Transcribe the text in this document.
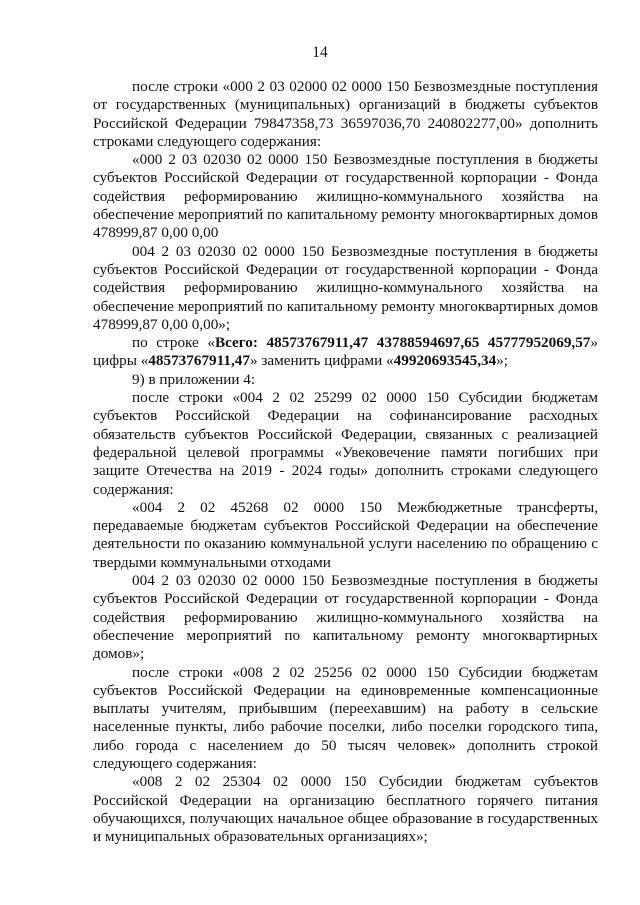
14

после строки «000 2 03 02000 02 0000 150 Безвозмездные поступления от государственных (муниципальных) организаций в бюджеты субъектов Российской Федерации 79847358,73 36597036,70 240802277,00» дополнить строками следующего содержания:

«000 2 03 02030 02 0000 150 Безвозмездные поступления в бюджеты субъектов Российской Федерации от государственной корпорации - Фонда содействия реформированию жилищно-коммунального хозяйства на обеспечение мероприятий по капитальному ремонту многоквартирных домов 478999,87 0,00 0,00

004 2 03 02030 02 0000 150 Безвозмездные поступления в бюджеты субъектов Российской Федерации от государственной корпорации - Фонда содействия реформированию жилищно-коммунального хозяйства на обеспечение мероприятий по капитальному ремонту многоквартирных домов 478999,87 0,00 0,00»;

по строке «Всего: 48573767911,47 43788594697,65 45777952069,57» цифры «48573767911,47» заменить цифрами «49920693545,34»;

9) в приложении 4:

после строки «004 2 02 25299 02 0000 150 Субсидии бюджетам субъектов Российской Федерации на софинансирование расходных обязательств субъектов Российской Федерации, связанных с реализацией федеральной целевой программы «Увековечение памяти погибших при защите Отечества на 2019 - 2024 годы» дополнить строками следующего содержания:

«004 2 02 45268 02 0000 150 Межбюджетные трансферты, передаваемые бюджетам субъектов Российской Федерации на обеспечение деятельности по оказанию коммунальной услуги населению по обращению с твердыми коммунальными отходами

004 2 03 02030 02 0000 150 Безвозмездные поступления в бюджеты субъектов Российской Федерации от государственной корпорации - Фонда содействия реформированию жилищно-коммунального хозяйства на обеспечение мероприятий по капитальному ремонту многоквартирных домов»;

после строки «008 2 02 25256 02 0000 150 Субсидии бюджетам субъектов Российской Федерации на единовременные компенсационные выплаты учителям, прибывшим (переехавшим) на работу в сельские населенные пункты, либо рабочие поселки, либо поселки городского типа, либо города с населением до 50 тысяч человек» дополнить строкой следующего содержания:

«008 2 02 25304 02 0000 150 Субсидии бюджетам субъектов Российской Федерации на организацию бесплатного горячего питания обучающихся, получающих начальное общее образование в государственных и муниципальных образовательных организациях»;
